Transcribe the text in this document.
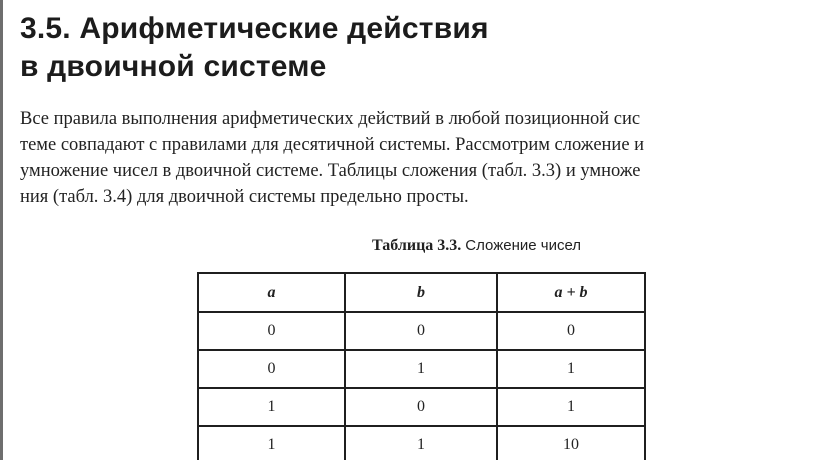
3.5. Арифметические действия
в двоичной системе
Все правила выполнения арифметических действий в любой позиционной сис
теме совпадают с правилами для десятичной системы. Рассмотрим сложение и
умножение чисел в двоичной системе. Таблицы сложения (табл. 3.3) и умноже
ния (табл. 3.4) для двоичной системы предельно просты.
Таблица 3.3. Сложение чисел
a	b	a + b
0	0	0
0	1	1
1	0	1
1	1	10
